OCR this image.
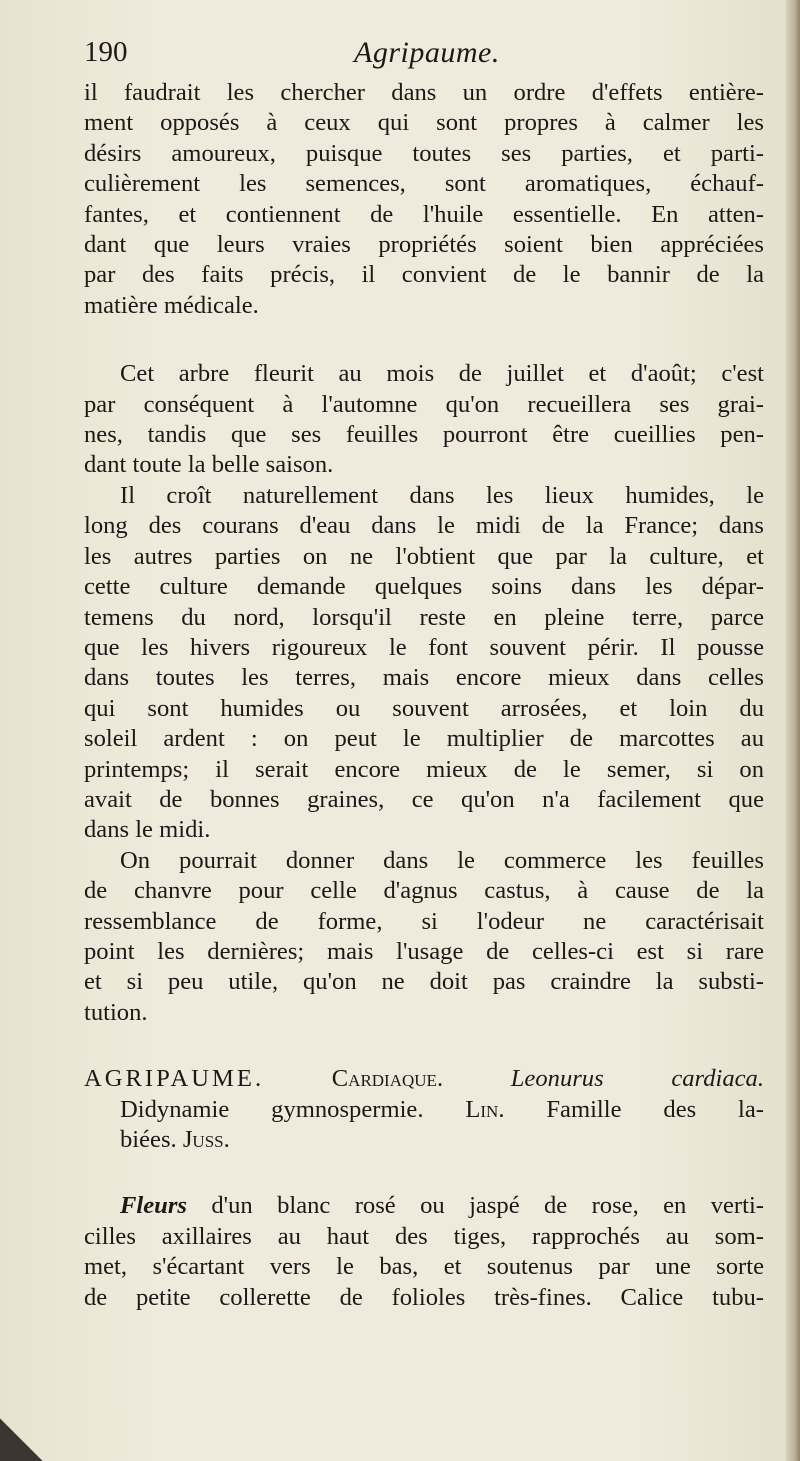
190	Agripaume.
il faudrait les chercher dans un ordre d'effets entière-
ment opposés à ceux qui sont propres à calmer les
désirs amoureux, puisque toutes ses parties, et parti-
culièrement les semences, sont aromatiques, échauf-
fantes, et contiennent de l'huile essentielle. En atten-
dant que leurs vraies propriétés soient bien appréciées
par des faits précis, il convient de le bannir de la
matière médicale.
Cet arbre fleurit au mois de juillet et d'août; c'est
par conséquent à l'automne qu'on recueillera ses grai-
nes, tandis que ses feuilles pourront être cueillies pen-
dant toute la belle saison.
Il croît naturellement dans les lieux humides, le
long des courans d'eau dans le midi de la France; dans
les autres parties on ne l'obtient que par la culture, et
cette culture demande quelques soins dans les dépar-
temens du nord, lorsqu'il reste en pleine terre, parce
que les hivers rigoureux le font souvent périr. Il pousse
dans toutes les terres, mais encore mieux dans celles
qui sont humides ou souvent arrosées, et loin du
soleil ardent : on peut le multiplier de marcottes au
printemps; il serait encore mieux de le semer, si on
avait de bonnes graines, ce qu'on n'a facilement que
dans le midi.
On pourrait donner dans le commerce les feuilles
de chanvre pour celle d'agnus castus, à cause de la
ressemblance de forme, si l'odeur ne caractérisait
point les dernières; mais l'usage de celles-ci est si rare
et si peu utile, qu'on ne doit pas craindre la substi-
tution.
AGRIPAUME.	Cardiaque.	Leonurus cardiaca.
Didynamie gymnospermie. Lin. Famille des la-
biées. Juss.
Fleurs d'un blanc rosé ou jaspé de rose, en verti-
cilles axillaires au haut des tiges, rapprochés au som-
met, s'écartant vers le bas, et soutenus par une sorte
de petite collerette de folioles très-fines. Calice tubu-
